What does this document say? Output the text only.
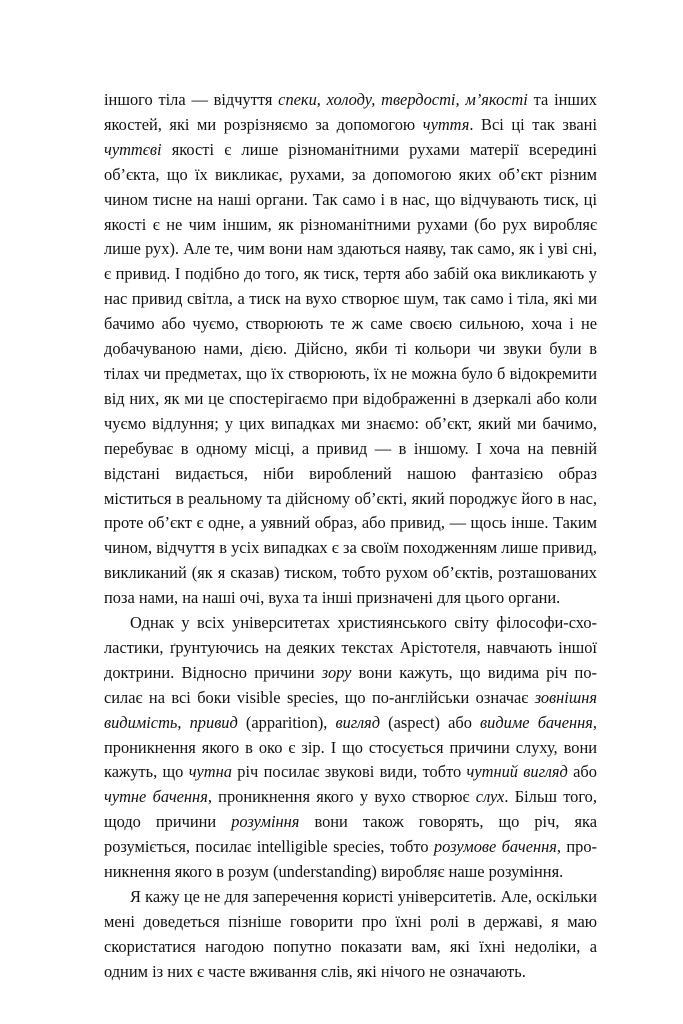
іншого тіла — відчуття спеки, холоду, твердості, м’якості та інших якостей, які ми розрізняємо за допомогою чуття. Всі ці так звані чуттєві якості є лише різноманітними рухами матерії всередині об’єкта, що їх викликає, рухами, за допомогою яких об’єкт різним чином тисне на наші органи. Так само і в нас, що відчувають тиск, ці якості є не чим іншим, як різноманітними рухами (бо рух виробляє лише рух). Але те, чим вони нам здаються наяву, так само, як і уві сні, є привид. І подібно до того, як тиск, тертя або забій ока викликають у нас привид світла, а тиск на вухо створює шум, так само і тіла, які ми бачимо або чуємо, створюють те ж саме своєю сильною, хоча і не добачуваною нами, дією. Дійсно, якби ті кольори чи звуки були в тілах чи предметах, що їх створюють, їх не можна було б відокремити від них, як ми це спостерігаємо при відображенні в дзеркалі або коли чуємо відлуння; у цих випадках ми знаємо: об’єкт, який ми бачимо, перебуває в одному місці, а привид — в іншому. І хоча на певній відстані видається, ніби вироблений нашою фантазією образ міститься в реальному та дійсному об’єкті, який породжує його в нас, проте об’єкт є одне, а уявний образ, або привид, — щось інше. Таким чином, відчуття в усіх випадках є за своїм походженням лише привид, викликаний (як я сказав) тиском, тобто рухом об’єктів, розташованих поза нами, на наші очі, вуха та інші призначені для цього органи.

Однак у всіх університетах християнського світу філософи-схоластики, ґрунтуючись на деяких текстах Арістотеля, навчають іншої доктрини. Відносно причини зору вони кажуть, що видима річ посилає на всі боки visible species, що по-англійськи означає зовнішня видимість, привид (apparition), вигляд (aspect) або видиме бачення, проникнення якого в око є зір. І що стосується причини слуху, вони кажуть, що чутна річ посилає звукові види, тобто чутний вигляд або чутне бачення, проникнення якого у вухо створює слух. Більш того, щодо причини розуміння вони також говорять, що річ, яка розуміється, посилає intelligible species, тобто розумове бачення, проникнення якого в розум (understanding) виробляє наше розуміння.

Я кажу це не для заперечення користі університетів. Але, оскільки мені доведеться пізніше говорити про їхні ролі в державі, я маю скористатися нагодою попутно показати вам, які їхні недоліки, а одним із них є часте вживання слів, які нічого не означають.
